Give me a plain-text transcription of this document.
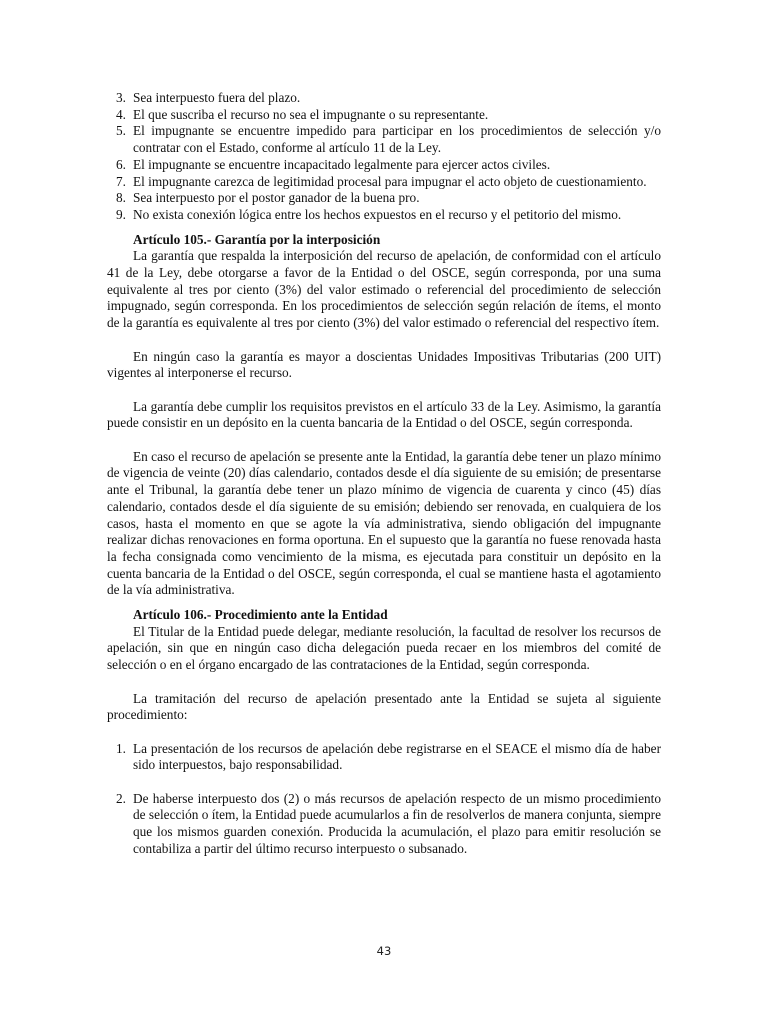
3. Sea interpuesto fuera del plazo.
4. El que suscriba el recurso no sea el impugnante o su representante.
5. El impugnante se encuentre impedido para participar en los procedimientos de selección y/o contratar con el Estado, conforme al artículo 11 de la Ley.
6. El impugnante se encuentre incapacitado legalmente para ejercer actos civiles.
7. El impugnante carezca de legitimidad procesal para impugnar el acto objeto de cuestionamiento.
8. Sea interpuesto por el postor ganador de la buena pro.
9. No exista conexión lógica entre los hechos expuestos en el recurso y el petitorio del mismo.
Artículo 105.- Garantía por la interposición

La garantía que respalda la interposición del recurso de apelación, de conformidad con el artículo 41 de la Ley, debe otorgarse a favor de la Entidad o del OSCE, según corresponda, por una suma equivalente al tres por ciento (3%) del valor estimado o referencial del procedimiento de selección impugnado, según corresponda. En los procedimientos de selección según relación de ítems, el monto de la garantía es equivalente al tres por ciento (3%) del valor estimado o referencial del respectivo ítem.

En ningún caso la garantía es mayor a doscientas Unidades Impositivas Tributarias (200 UIT) vigentes al interponerse el recurso.

La garantía debe cumplir los requisitos previstos en el artículo 33 de la Ley. Asimismo, la garantía puede consistir en un depósito en la cuenta bancaria de la Entidad o del OSCE, según corresponda.

En caso el recurso de apelación se presente ante la Entidad, la garantía debe tener un plazo mínimo de vigencia de veinte (20) días calendario, contados desde el día siguiente de su emisión; de presentarse ante el Tribunal, la garantía debe tener un plazo mínimo de vigencia de cuarenta y cinco (45) días calendario, contados desde el día siguiente de su emisión; debiendo ser renovada, en cualquiera de los casos, hasta el momento en que se agote la vía administrativa, siendo obligación del impugnante realizar dichas renovaciones en forma oportuna. En el supuesto que la garantía no fuese renovada hasta la fecha consignada como vencimiento de la misma, es ejecutada para constituir un depósito en la cuenta bancaria de la Entidad o del OSCE, según corresponda, el cual se mantiene hasta el agotamiento de la vía administrativa.

Artículo 106.- Procedimiento ante la Entidad

El Titular de la Entidad puede delegar, mediante resolución, la facultad de resolver los recursos de apelación, sin que en ningún caso dicha delegación pueda recaer en los miembros del comité de selección o en el órgano encargado de las contrataciones de la Entidad, según corresponda.

La tramitación del recurso de apelación presentado ante la Entidad se sujeta al siguiente procedimiento:

1. La presentación de los recursos de apelación debe registrarse en el SEACE el mismo día de haber sido interpuestos, bajo responsabilidad.
2. De haberse interpuesto dos (2) o más recursos de apelación respecto de un mismo procedimiento de selección o ítem, la Entidad puede acumularlos a fin de resolverlos de manera conjunta, siempre que los mismos guarden conexión. Producida la acumulación, el plazo para emitir resolución se contabiliza a partir del último recurso interpuesto o subsanado.
43
